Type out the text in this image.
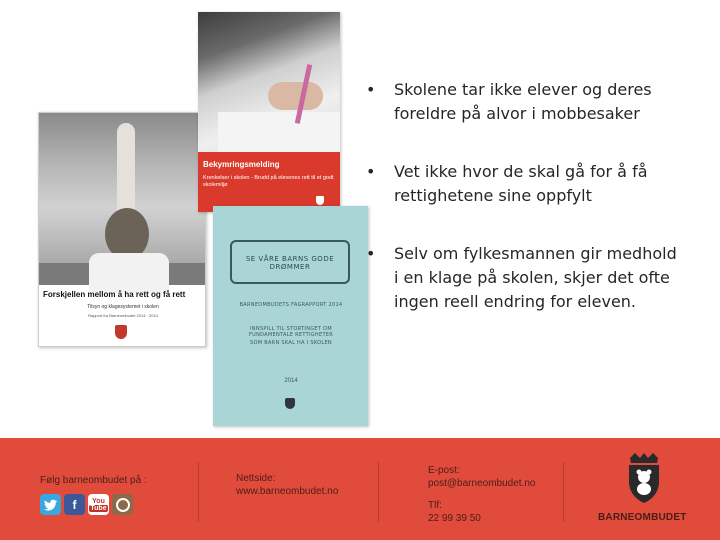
Forskjellen mellom å ha rett og få rett
Tilsyn og klagesystemet i skolen
Rapport fra Barneombudet 2014 · 2014
Bekymringsmelding
Krenkelser i skolen - Brudd på elevenes rett til et godt skolemiljø
SE VÅRE BARNS GODE DRØMMER
BARNEOMBUDETS FAGRAPPORT 2014
INNSPILL TIL STORTINGET OM FUNDAMENTALE RETTIGHETER
SOM BARN SKAL HA I SKOLEN
2014
• Skolene tar ikke elever og deres foreldre på alvor i mobbesaker
• Vet ikke hvor de skal gå for å få rettighetene sine oppfylt
• Selv om fylkesmannen gir medhold i en klage på skolen, skjer det ofte ingen reell endring for eleven.
Følg barneombudet på :	Nettside:
www.barneombudet.no
E-post:
post@barneombudet.no
Tlf:
22 99 39 50
f	You
Tube
BARNEOMBUDET
